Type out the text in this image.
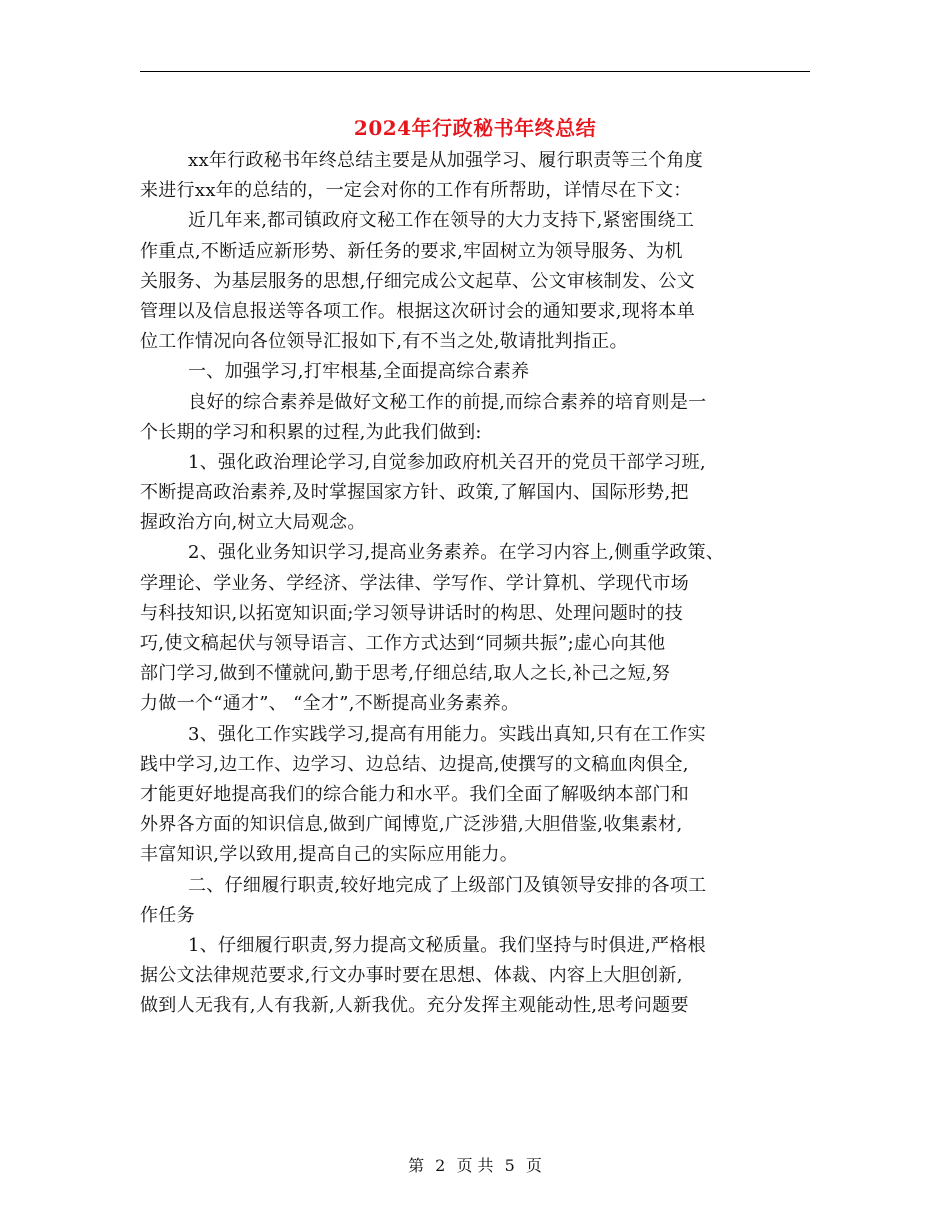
2024年行政秘书年终总结
xx年行政秘书年终总结主要是从加强学习、履行职责等三个角度
来进行xx年的总结的，一定会对你的工作有所帮助，详情尽在下文：
近几年来,都司镇政府文秘工作在领导的大力支持下,紧密围绕工
作重点,不断适应新形势、新任务的要求,牢固树立为领导服务、为机
关服务、为基层服务的思想,仔细完成公文起草、公文审核制发、公文
管理以及信息报送等各项工作。根据这次研讨会的通知要求,现将本单
位工作情况向各位领导汇报如下,有不当之处,敬请批判指正。
一、加强学习,打牢根基,全面提高综合素养
良好的综合素养是做好文秘工作的前提,而综合素养的培育则是一
个长期的学习和积累的过程,为此我们做到:
1、强化政治理论学习,自觉参加政府机关召开的党员干部学习班,
不断提高政治素养,及时掌握国家方针、政策,了解国内、国际形势,把
握政治方向,树立大局观念。
2、强化业务知识学习,提高业务素养。在学习内容上,侧重学政策、
学理论、学业务、学经济、学法律、学写作、学计算机、学现代市场
与科技知识,以拓宽知识面;学习领导讲话时的构思、处理问题时的技
巧,使文稿起伏与领导语言、工作方式达到“同频共振”;虚心向其他
部门学习,做到不懂就问,勤于思考,仔细总结,取人之长,补己之短,努
力做一个“通才”、 “全才”,不断提高业务素养。
3、强化工作实践学习,提高有用能力。实践出真知,只有在工作实
践中学习,边工作、边学习、边总结、边提高,使撰写的文稿血肉俱全,
才能更好地提高我们的综合能力和水平。我们全面了解吸纳本部门和
外界各方面的知识信息,做到广闻博览,广泛涉猎,大胆借鉴,收集素材,
丰富知识,学以致用,提高自己的实际应用能力。
二、仔细履行职责,较好地完成了上级部门及镇领导安排的各项工
作任务
1、仔细履行职责,努力提高文秘质量。我们坚持与时俱进,严格根
据公文法律规范要求,行文办事时要在思想、体裁、内容上大胆创新,
做到人无我有,人有我新,人新我优。充分发挥主观能动性,思考问题要
第 2 页 共 5 页
